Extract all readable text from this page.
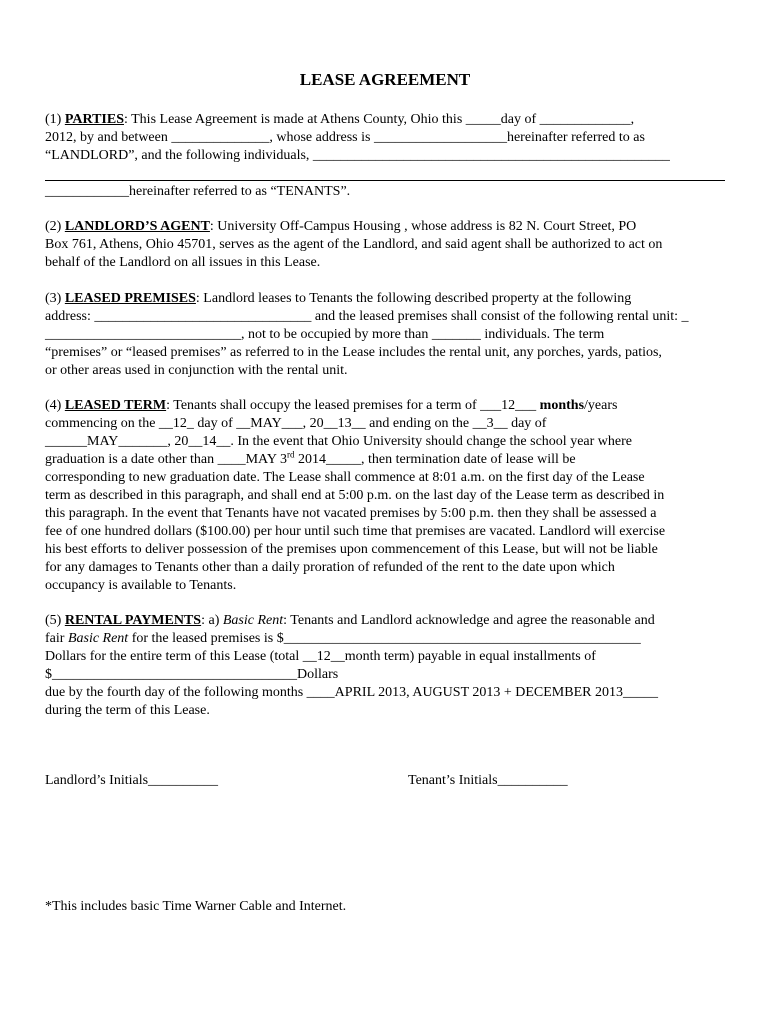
LEASE AGREEMENT
(1) PARTIES: This Lease Agreement is made at Athens County, Ohio this _____day of _____________,
2012, by and between ______________, whose address is ___________________hereinafter referred to as
“LANDLORD”, and the following individuals, ___________________________________________________
____________hereinafter referred to as “TENANTS”.
(2) LANDLORD’S AGENT: University Off-Campus Housing , whose address is 82 N. Court Street, PO
Box 761, Athens, Ohio 45701, serves as the agent of the Landlord, and said agent shall be authorized to act on
behalf of the Landlord on all issues in this Lease.
(3) LEASED PREMISES: Landlord leases to Tenants the following described property at the following
address: _______________________________ and the leased premises shall consist of the following rental unit: _
____________________________, not to be occupied by more than _______ individuals. The term
“premises” or “leased premises” as referred to in the Lease includes the rental unit, any porches, yards, patios,
or other areas used in conjunction with the rental unit.
(4) LEASED TERM: Tenants shall occupy the leased premises for a term of ___12___ months/years
commencing on the __12_ day of __MAY___, 20__13__ and ending on the __3__ day of
______MAY_______, 20__14__. In the event that Ohio University should change the school year where
graduation is a date other than ____MAY 3rd 2014_____, then termination date of lease will be
corresponding to new graduation date. The Lease shall commence at 8:01 a.m. on the first day of the Lease
term as described in this paragraph, and shall end at 5:00 p.m. on the last day of the Lease term as described in
this paragraph. In the event that Tenants have not vacated premises by 5:00 p.m. then they shall be assessed a
fee of one hundred dollars ($100.00) per hour until such time that premises are vacated. Landlord will exercise
his best efforts to deliver possession of the premises upon commencement of this Lease, but will not be liable
for any damages to Tenants other than a daily proration of refunded of the rent to the date upon which
occupancy is available to Tenants.
(5) RENTAL PAYMENTS: a) Basic Rent: Tenants and Landlord acknowledge and agree the reasonable and
fair Basic Rent for the leased premises is $___________________________________________________
Dollars for the entire term of this Lease (total __12__month term) payable in equal installments of
$___________________________________Dollars
due by the fourth day of the following months ____APRIL 2013, AUGUST 2013 + DECEMBER 2013_____
during the term of this Lease.
Landlord’s Initials__________	Tenant’s Initials__________
*This includes basic Time Warner Cable and Internet.
